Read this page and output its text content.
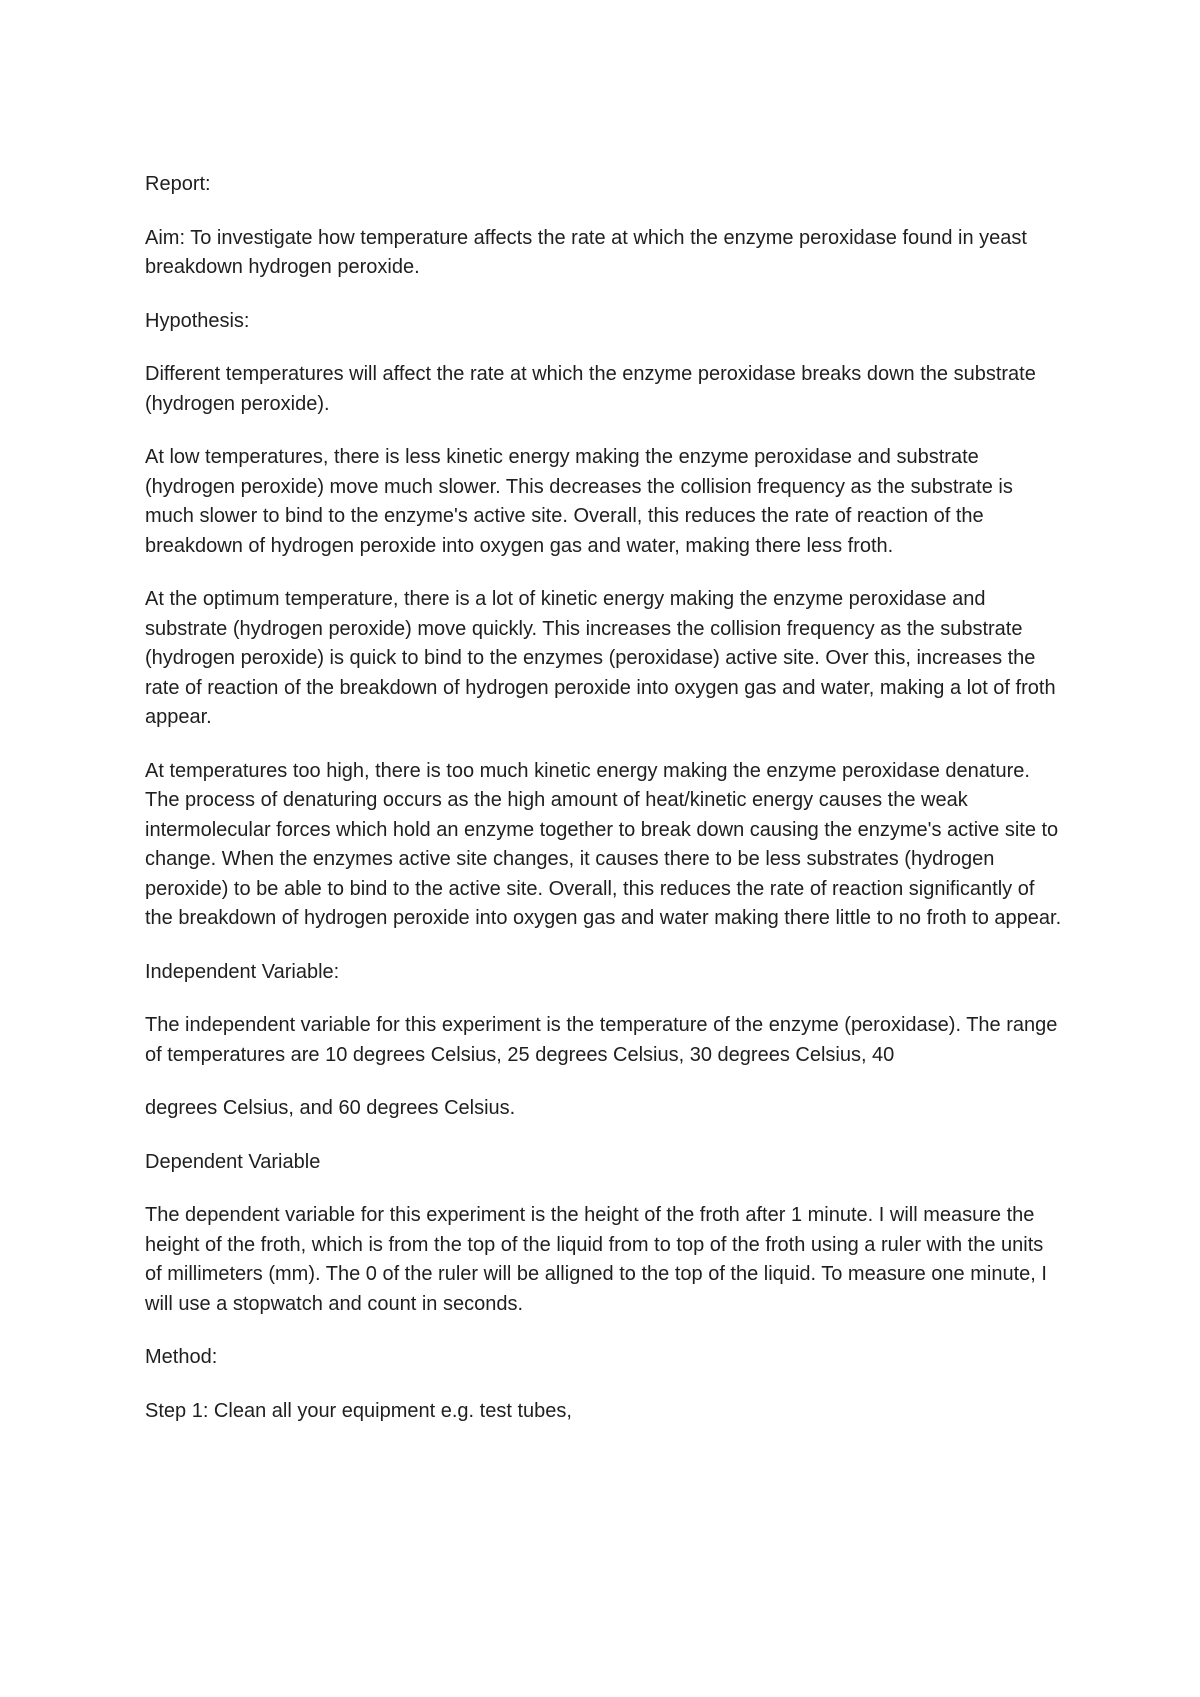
Report:

Aim: To investigate how temperature affects the rate at which the enzyme peroxidase found in yeast breakdown hydrogen peroxide.

Hypothesis:

Different temperatures will affect the rate at which the enzyme peroxidase breaks down the substrate (hydrogen peroxide).

At low temperatures, there is less kinetic energy making the enzyme peroxidase and substrate (hydrogen peroxide) move much slower. This decreases the collision frequency as the substrate is much slower to bind to the enzyme's active site. Overall, this reduces the rate of reaction of the breakdown of hydrogen peroxide into oxygen gas and water, making there less froth.

At the optimum temperature, there is a lot of kinetic energy making the enzyme peroxidase and substrate (hydrogen peroxide) move quickly. This increases the collision frequency as the substrate (hydrogen peroxide) is quick to bind to the enzymes (peroxidase) active site. Over this, increases the rate of reaction of the breakdown of hydrogen peroxide into oxygen gas and water, making a lot of froth appear.

At temperatures too high, there is too much kinetic energy making the enzyme peroxidase denature. The process of denaturing occurs as the high amount of heat/kinetic energy causes the weak intermolecular forces which hold an enzyme together to break down causing the enzyme's active site to change. When the enzymes active site changes, it causes there to be less substrates (hydrogen peroxide) to be able to bind to the active site. Overall, this reduces the rate of reaction significantly of the breakdown of hydrogen peroxide into oxygen gas and water making there little to no froth to appear.

Independent Variable:

The independent variable for this experiment is the temperature of the enzyme (peroxidase). The range of temperatures are 10 degrees Celsius, 25 degrees Celsius, 30 degrees Celsius, 40

degrees Celsius, and 60 degrees Celsius.

Dependent Variable

The dependent variable for this experiment is the height of the froth after 1 minute. I will measure the height of the froth, which is from the top of the liquid from to top of the froth using a ruler with the units of millimeters (mm). The 0 of the ruler will be alligned to the top of the liquid. To measure one minute, I will use a stopwatch and count in seconds.

Method:

Step 1: Clean all your equipment e.g. test tubes,
